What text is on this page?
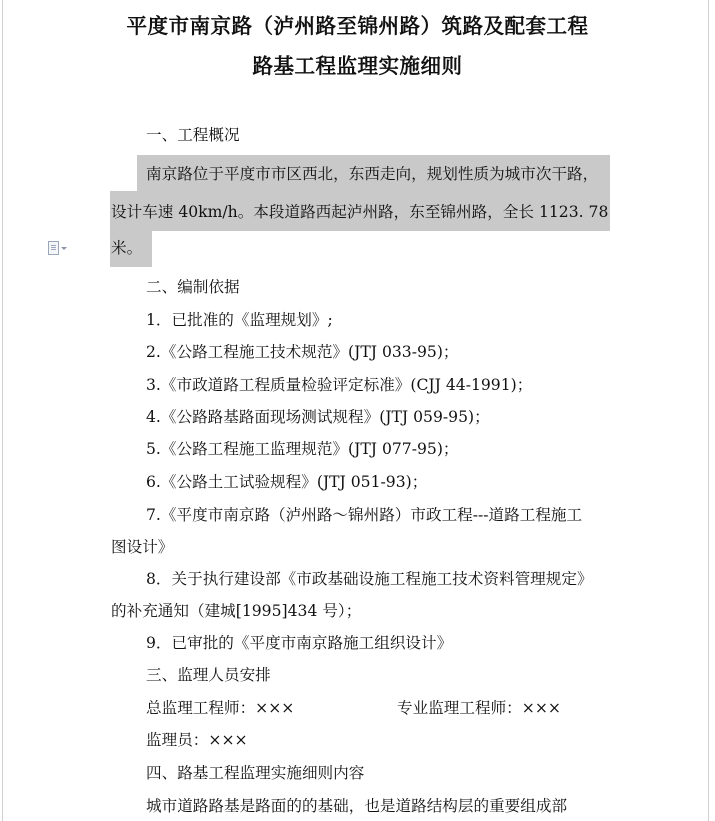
平度市南京路（泸州路至锦州路）筑路及配套工程
路基工程监理实施细则
一、工程概况
南京路位于平度市市区西北，东西走向，规划性质为城市次干路，
设计车速 40km/h。本段道路西起泸州路，东至锦州路，全长 1123. 78
米。
二、编制依据
1．已批准的《监理规划》;
2.《公路工程施工技术规范》(JTJ 033-95)；
3.《市政道路工程质量检验评定标准》(CJJ 44-1991)；
4.《公路路基路面现场测试规程》(JTJ 059-95)；
5.《公路工程施工监理规范》(JTJ 077-95)；
6.《公路土工试验规程》(JTJ 051-93)；
7.《平度市南京路（泸州路～锦州路）市政工程---道路工程施工
图设计》
8．关于执行建设部《市政基础设施工程施工技术资料管理规定》
的补充通知（建城[1995]434 号）；
9．已审批的《平度市南京路施工组织设计》
三、监理人员安排
总监理工程师：×××	专业监理工程师：×××
监理员：×××
四、路基工程监理实施细则内容
城市道路路基是路面的的基础，也是道路结构层的重要组成部
